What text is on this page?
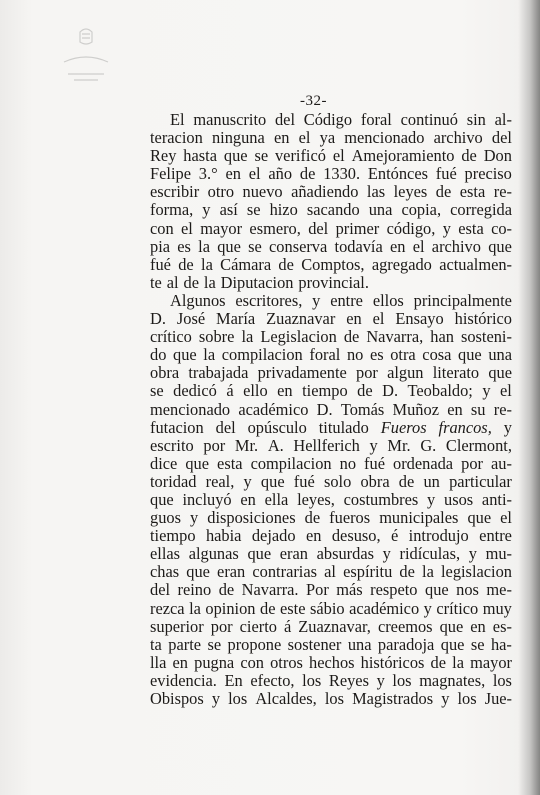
-32-
El manuscrito del Código foral continuó sin al-
teracion ninguna en el ya mencionado archivo del
Rey hasta que se verificó el Amejoramiento de Don
Felipe 3.° en el año de 1330. Entónces fué preciso
escribir otro nuevo añadiendo las leyes de esta re-
forma, y así se hizo sacando una copia, corregida
con el mayor esmero, del primer código, y esta co-
pia es la que se conserva todavía en el archivo que
fué de la Cámara de Comptos, agregado actualmen-
te al de la Diputacion provincial.
Algunos escritores, y entre ellos principalmente
D. José María Zuaznavar en el Ensayo histórico
crítico sobre la Legislacion de Navarra, han sosteni-
do que la compilacion foral no es otra cosa que una
obra trabajada privadamente por algun literato que
se dedicó á ello en tiempo de D. Teobaldo; y el
mencionado académico D. Tomás Muñoz en su re-
futacion del opúsculo titulado Fueros francos, y
escrito por Mr. A. Hellferich y Mr. G. Clermont,
dice que esta compilacion no fué ordenada por au-
toridad real, y que fué solo obra de un particular
que incluyó en ella leyes, costumbres y usos anti-
guos y disposiciones de fueros municipales que el
tiempo habia dejado en desuso, é introdujo entre
ellas algunas que eran absurdas y ridículas, y mu-
chas que eran contrarias al espíritu de la legislacion
del reino de Navarra. Por más respeto que nos me-
rezca la opinion de este sábio académico y crítico muy
superior por cierto á Zuaznavar, creemos que en es-
ta parte se propone sostener una paradoja que se ha-
lla en pugna con otros hechos históricos de la mayor
evidencia. En efecto, los Reyes y los magnates, los
Obispos y los Alcaldes, los Magistrados y los Jue-
